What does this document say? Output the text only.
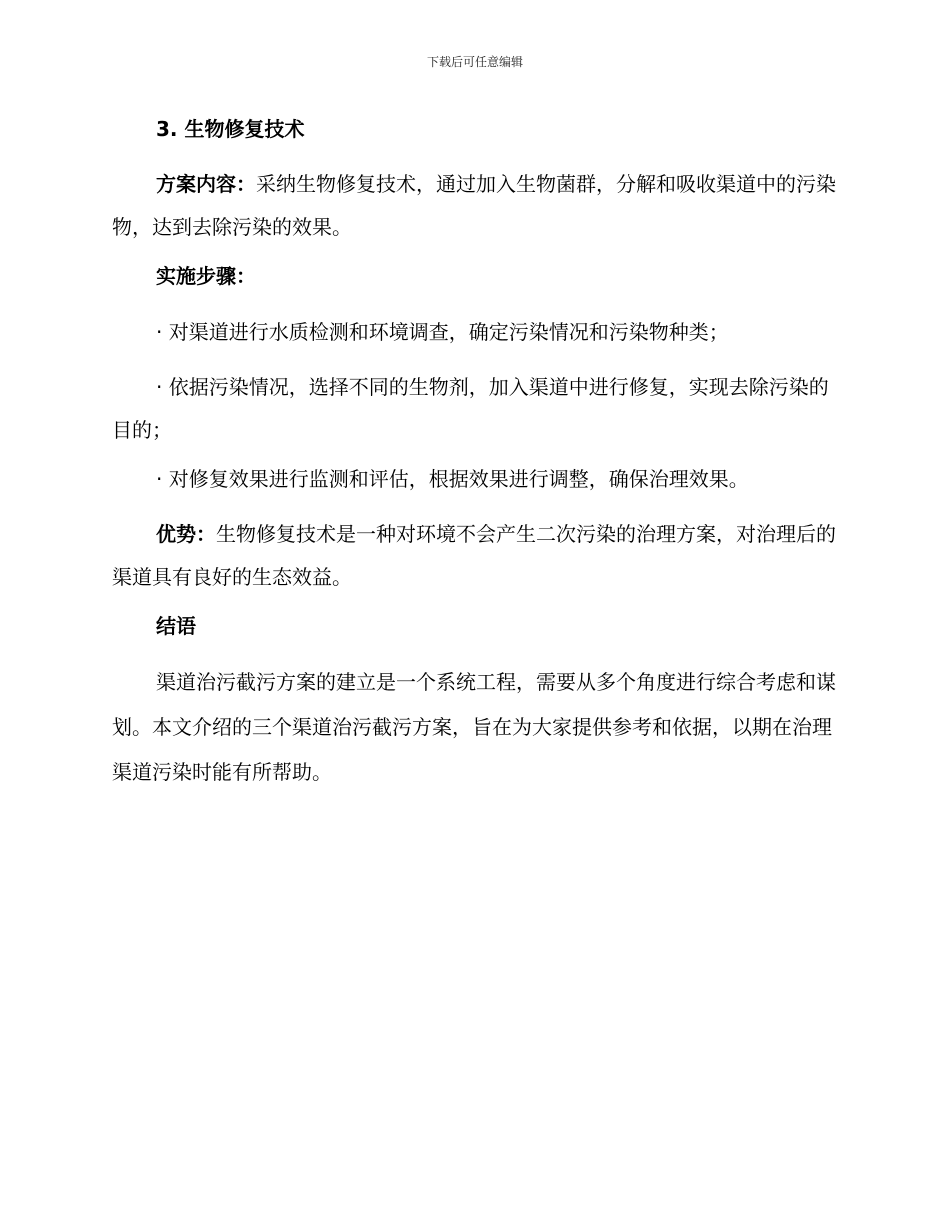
下载后可任意编辑

3. 生物修复技术

方案内容：采纳生物修复技术，通过加入生物菌群，分解和吸收渠道中的污染物，达到去除污染的效果。

实施步骤：

· 对渠道进行水质检测和环境调查，确定污染情况和污染物种类；

· 依据污染情况，选择不同的生物剂，加入渠道中进行修复，实现去除污染的目的；

· 对修复效果进行监测和评估，根据效果进行调整，确保治理效果。

优势：生物修复技术是一种对环境不会产生二次污染的治理方案，对治理后的渠道具有良好的生态效益。

结语

渠道治污截污方案的建立是一个系统工程，需要从多个角度进行综合考虑和谋划。本文介绍的三个渠道治污截污方案，旨在为大家提供参考和依据，以期在治理渠道污染时能有所帮助。
